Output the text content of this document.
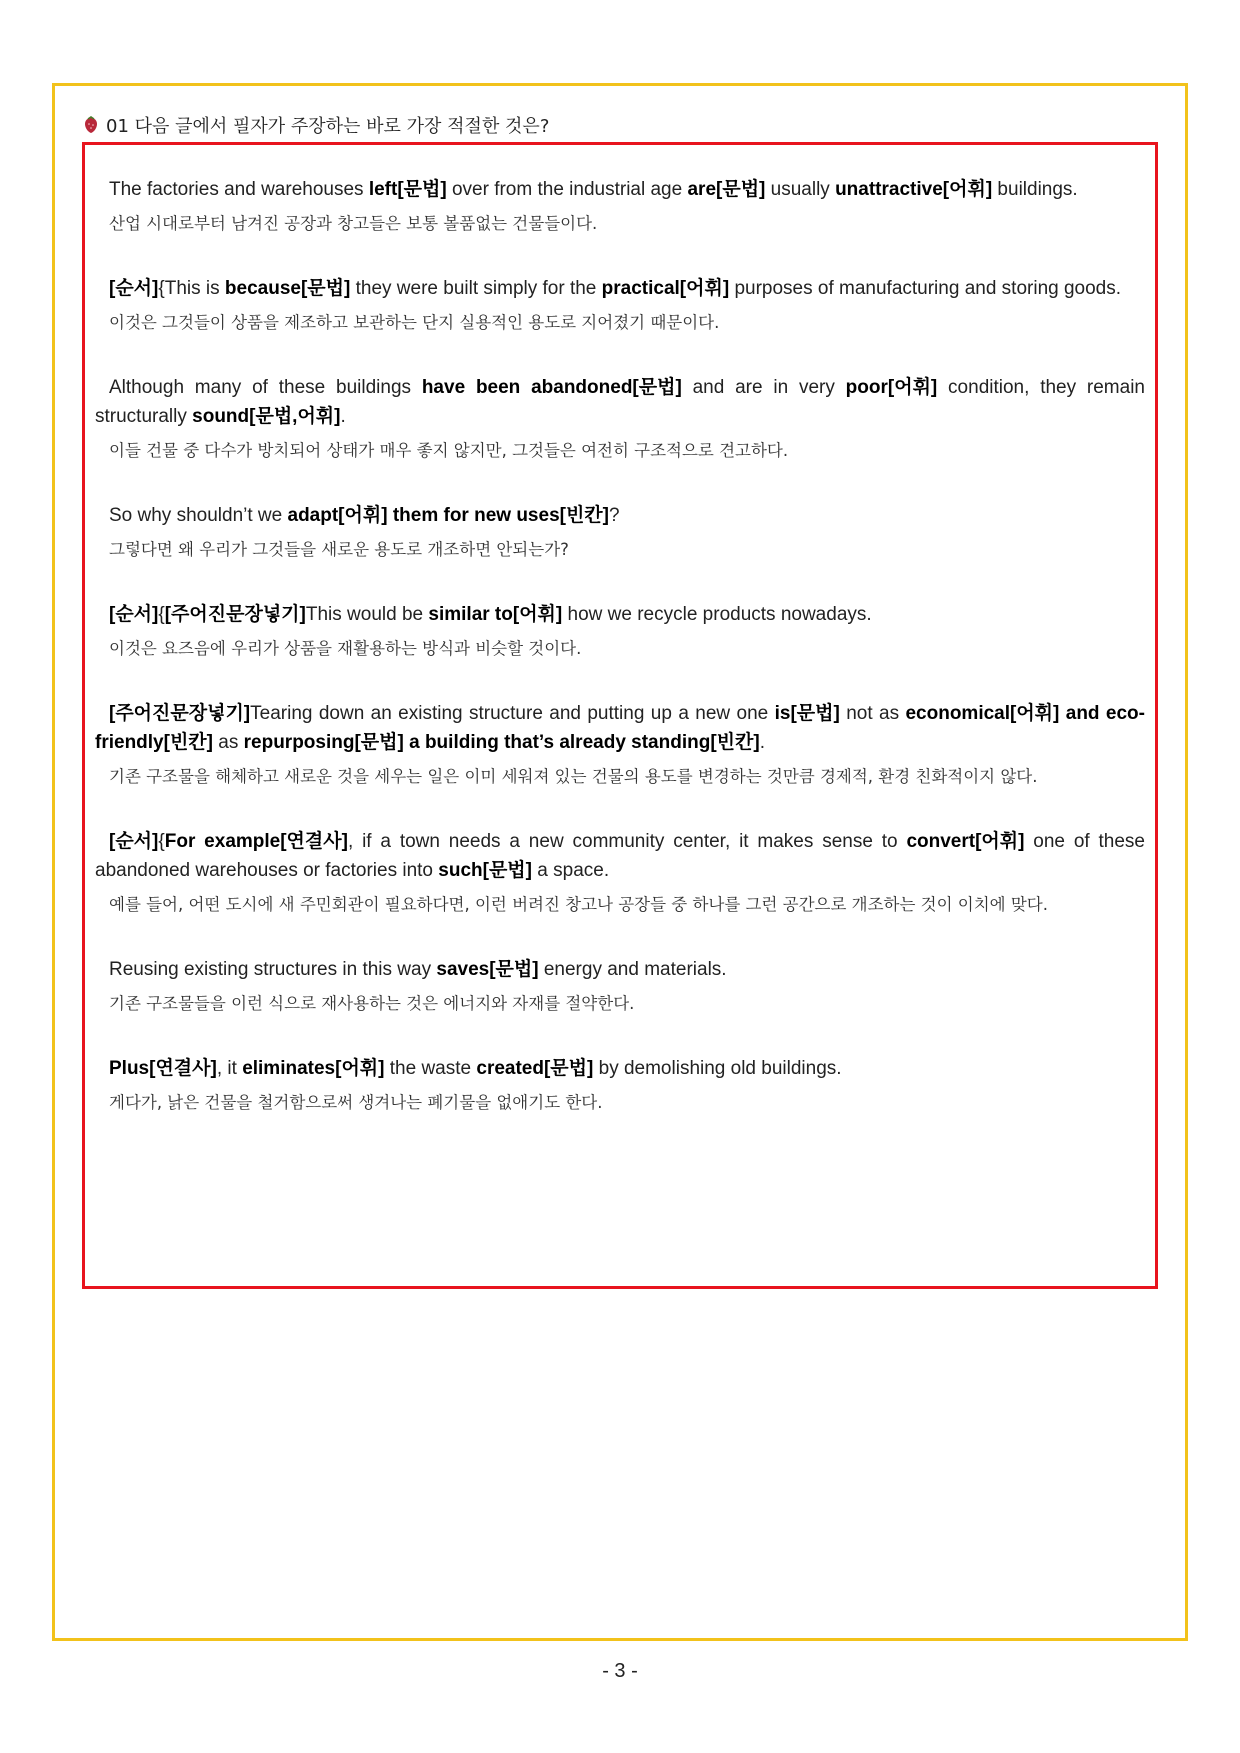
01 다음 글에서 필자가 주장하는 바로 가장 적절한 것은?
The factories and warehouses left[문법] over from the industrial age are[문법] usually unattractive[어휘] buildings.
산업 시대로부터 남겨진 공장과 창고들은 보통 볼품없는 건물들이다.
[순서]{This is because[문법] they were built simply for the practical[어휘] purposes of manufacturing and storing goods.
이것은 그것들이 상품을 제조하고 보관하는 단지 실용적인 용도로 지어졌기 때문이다.
Although many of these buildings have been abandoned[문법] and are in very poor[어휘] condition, they remain structurally sound[문법,어휘].
이들 건물 중 다수가 방치되어 상태가 매우 좋지 않지만, 그것들은 여전히 구조적으로 견고하다.
So why shouldn’t we adapt[어휘] them for new uses[빈칸]?
그렇다면 왜 우리가 그것들을 새로운 용도로 개조하면 안되는가?
[순서]{[주어진문장넣기]This would be similar to[어휘] how we recycle products nowadays.
이것은 요즈음에 우리가 상품을 재활용하는 방식과 비슷할 것이다.
[주어진문장넣기]Tearing down an existing structure and putting up a new one is[문법] not as economical[어휘] and eco-friendly[빈칸] as repurposing[문법] a building that’s already standing[빈칸].
기존 구조물을 해체하고 새로운 것을 세우는 일은 이미 세워져 있는 건물의 용도를 변경하는 것만큼 경제적, 환경 친화적이지 않다.
[순서]{For example[연결사], if a town needs a new community center, it makes sense to convert[어휘] one of these abandoned warehouses or factories into such[문법] a space.
예를 들어, 어떤 도시에 새 주민회관이 필요하다면, 이런 버려진 창고나 공장들 중 하나를 그런 공간으로 개조하는 것이 이치에 맞다.
Reusing existing structures in this way saves[문법] energy and materials.
기존 구조물들을 이런 식으로 재사용하는 것은 에너지와 자재를 절약한다.
Plus[연결사], it eliminates[어휘] the waste created[문법] by demolishing old buildings.
게다가, 낡은 건물을 철거함으로써 생겨나는 폐기물을 없애기도 한다.
- 3 -
